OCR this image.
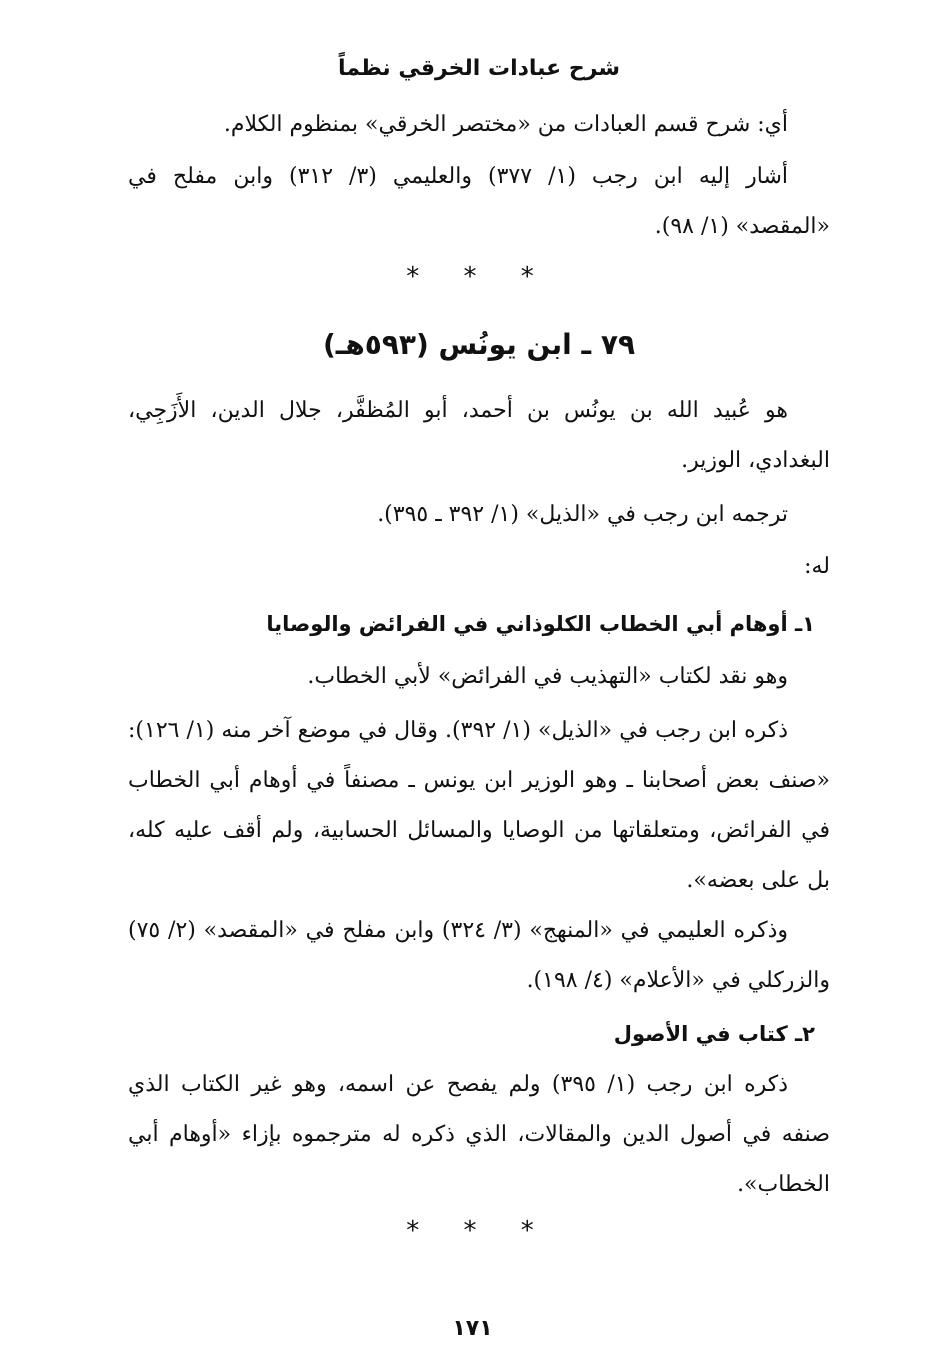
شرح عبادات الخرقي نظماً
أي: شرح قسم العبادات من «مختصر الخرقي» بمنظوم الكلام.
أشار إليه ابن رجب (١/ ٣٧٧) والعليمي (٣/ ٣١٢) وابن مفلح في «المقصد» (١/ ٩٨).
* * *
٧٩ ـ ابن يونُس (٥٩٣هـ)
هو عُبيد الله بن يونُس بن أحمد، أبو المُظفَّر، جلال الدين، الأَزَجِي، البغدادي، الوزير.
ترجمه ابن رجب في «الذيل» (١/ ٣٩٢ ـ ٣٩٥).
له:
١ـ أوهام أبي الخطاب الكلوذاني في الفرائض والوصايا
وهو نقد لكتاب «التهذيب في الفرائض» لأبي الخطاب.
ذكره ابن رجب في «الذيل» (١/ ٣٩٢). وقال في موضع آخر منه (١/ ١٢٦): «صنف بعض أصحابنا ـ وهو الوزير ابن يونس ـ مصنفاً في أوهام أبي الخطاب في الفرائض، ومتعلقاتها من الوصايا والمسائل الحسابية، ولم أقف عليه كله، بل على بعضه».
وذكره العليمي في «المنهج» (٣/ ٣٢٤) وابن مفلح في «المقصد» (٢/ ٧٥) والزركلي في «الأعلام» (٤/ ١٩٨).
٢ـ كتاب في الأصول
ذكره ابن رجب (١/ ٣٩٥) ولم يفصح عن اسمه، وهو غير الكتاب الذي صنفه في أصول الدين والمقالات، الذي ذكره له مترجموه بإزاء «أوهام أبي الخطاب».
* * *
١٧١
